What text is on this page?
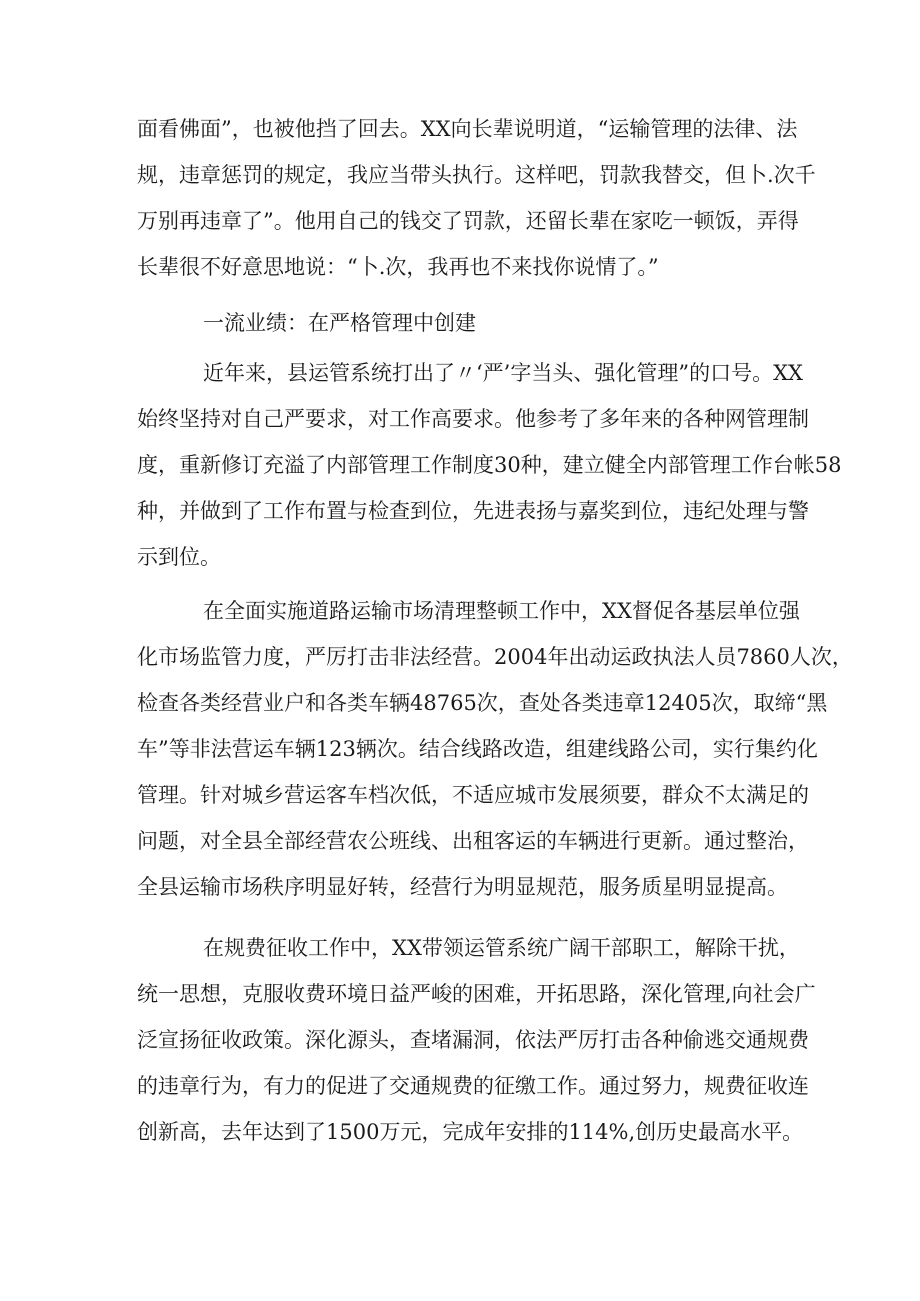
面看佛面”，也被他挡了回去。XX向长辈说明道，“运输管理的法律、法
规，违章惩罚的规定，我应当带头执行。这样吧，罚款我替交，但卜.次千
万别再违章了”。他用自己的钱交了罚款，还留长辈在家吃一顿饭，弄得
长辈很不好意思地说：“卜.次，我再也不来找你说情了。”
一流业绩：在严格管理中创建
近年来，县运管系统打出了〃‘严’字当头、强化管理”的口号。XX
始终坚持对自己严要求，对工作高要求。他参考了多年来的各种网管理制
度，重新修订充溢了内部管理工作制度30种，建立健全内部管理工作台帐58
种，并做到了工作布置与检查到位，先进表扬与嘉奖到位，违纪处理与警
示到位。
在全面实施道路运输市场清理整顿工作中，XX督促各基层单位强
化市场监管力度，严厉打击非法经营。2004年出动运政执法人员7860人次，
检查各类经营业户和各类车辆48765次，查处各类违章12405次，取缔“黑
车”等非法营运车辆123辆次。结合线路改造，组建线路公司，实行集约化
管理。针对城乡营运客车档次低，不适应城市发展须要，群众不太满足的
问题，对全县全部经营农公班线、出租客运的车辆进行更新。通过整治，
全县运输市场秩序明显好转，经营行为明显规范，服务质星明显提高。
在规费征收工作中，XX带领运管系统广阔干部职工，解除干扰，
统一思想，克服收费环境日益严峻的困难，开拓思路，深化管理,向社会广
泛宣扬征收政策。深化源头，查堵漏洞，依法严厉打击各种偷逃交通规费
的违章行为，有力的促进了交通规费的征缴工作。通过努力，规费征收连
创新高，去年达到了1500万元，完成年安排的114%,创历史最高水平。
